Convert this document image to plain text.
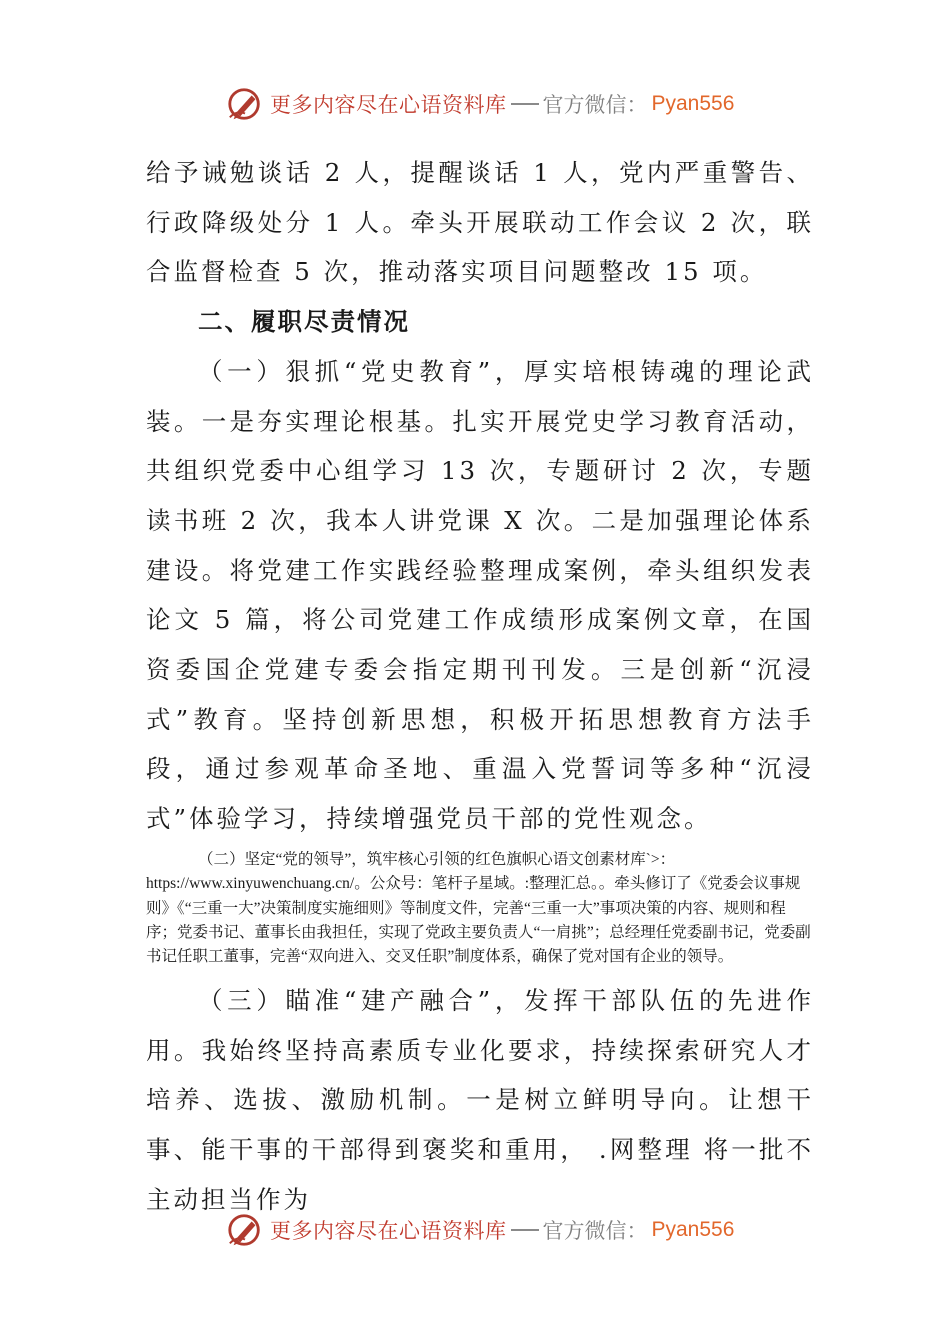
更多内容尽在心语资料库 官方微信： Pyan556

给予诫勉谈话 2 人，提醒谈话 1 人，党内严重警告、行政降级处分 1 人。牵头开展联动工作会议 2 次，联合监督检查 5 次，推动落实项目问题整改 15 项。

二、履职尽责情况

（一）狠抓“党史教育”，厚实培根铸魂的理论武装。一是夯实理论根基。扎实开展党史学习教育活动，共组织党委中心组学习 13 次，专题研讨 2 次，专题读书班 2 次，我本人讲党课 X 次。二是加强理论体系建设。将党建工作实践经验整理成案例，牵头组织发表论文 5 篇，将公司党建工作成绩形成案例文章，在国资委国企党建专委会指定期刊刊发。三是创新“沉浸式”教育。坚持创新思想，积极开拓思想教育方法手段，通过参观革命圣地、重温入党誓词等多种“沉浸式”体验学习，持续增强党员干部的党性观念。

（二）坚定“党的领导”，筑牢核心引领的红色旗帜心语文创素材库`>：
https://www.xinyuwenchuang.cn/。公众号：笔杆子星域。:整理汇总。。牵头修订了《党委会议事规则》《“三重一大”决策制度实施细则》等制度文件，完善“三重一大”事项决策的内容、规则和程序；党委书记、董事长由我担任，实现了党政主要负责人“一肩挑”；总经理任党委副书记，党委副书记任职工董事，完善“双向进入、交叉任职”制度体系，确保了党对国有企业的领导。

（三）瞄准“建产融合”，发挥干部队伍的先进作用。我始终坚持高素质专业化要求，持续探索研究人才培养、选拔、激励机制。一是树立鲜明导向。让想干事、能干事的干部得到褒奖和重用， .网整理 将一批不主动担当作为

更多内容尽在心语资料库 官方微信： Pyan556
